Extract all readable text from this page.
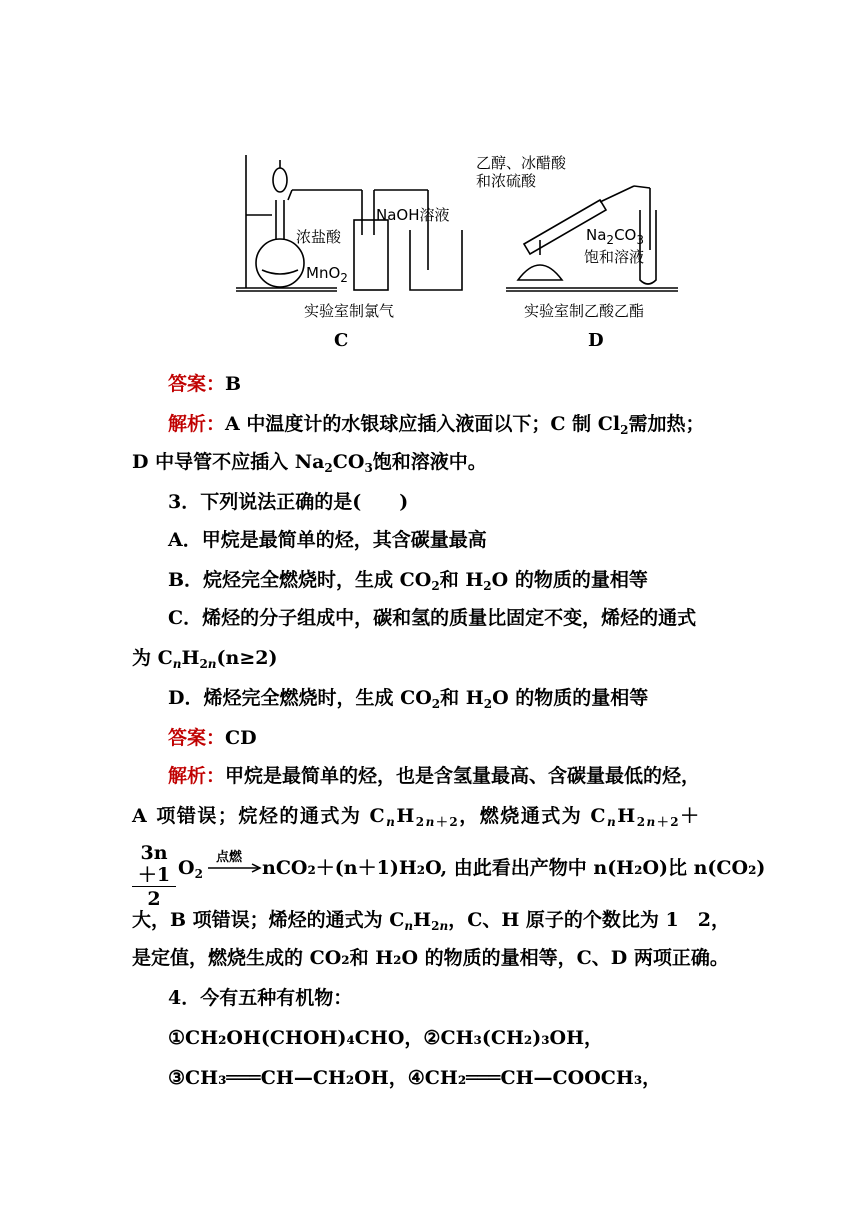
浓盐酸
MnO$_2$
NaOH溶液
实验室制氯气
C
乙醇、冰醋酸
和浓硫酸
$Na_2CO_3$
饱和溶液
实验室制乙酸乙酯
D
答案：B
解析：A 中温度计的水银球应插入液面以下；C 制 $Cl_2$需加热；
D 中导管不应插入 $Na_2CO_3$饱和溶液中。
3．下列说法正确的是(　　)
A．甲烷是最简单的烃，其含碳量最高
B．烷烃完全燃烧时，生成 $CO_2$和 $H_2O$ 的物质的量相等
C．烯烃的分子组成中，碳和氢的质量比固定不变，烯烃的通式
为 $C_nH_{2n}(n\ge 2)$
D．烯烃完全燃烧时，生成 $CO_2$和 $H_2O$ 的物质的量相等
答案：CD
解析：甲烷是最简单的烃，也是含氢量最高、含碳量最低的烃，
A 项错误；烷烃的通式为 $C_nH_{2n+2}$，燃烧通式为 $C_nH_{2n+2}+$
$\frac{3n+1}{2} O_2$
点燃 → nCO₂＋(n＋1)H₂O, 由此看出产物中 n(H₂O)比 n(CO₂)
大，B 项错误；烯烃的通式为 $C_nH_{2n}$，C、H 原子的个数比为 1　2，
是定值，燃烧生成的 CO₂和 H₂O 的物质的量相等，C、D 两项正确。
4．今有五种有机物：
①CH₂OH(CHOH)₄CHO，②CH₃(CH₂)₃OH，
③CH₃═══CH—CH₂OH，④CH₂═══CH—COOCH₃，
